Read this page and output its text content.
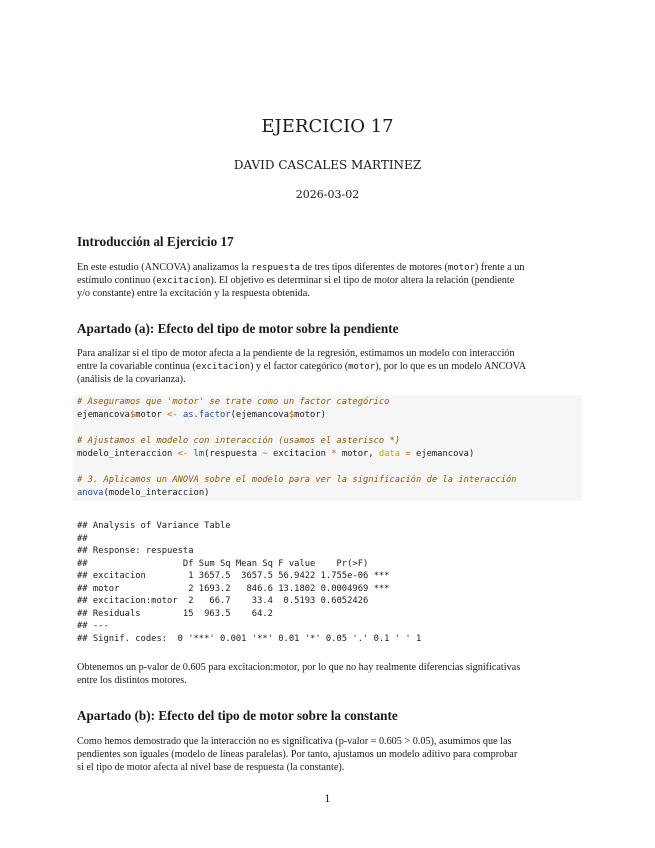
EJERCICIO 17
DAVID CASCALES MARTINEZ
2026-03-02
Introducción al Ejercicio 17

En este estudio (ANCOVA) analizamos la respuesta de tres tipos diferentes de motores (motor) frente a un

estímulo continuo (excitacion). El objetivo es determinar si el tipo de motor altera la relación (pendiente

y/o constante) entre la excitación y la respuesta obtenida.

Apartado (a): Efecto del tipo de motor sobre la pendiente

Para analizar si el tipo de motor afecta a la pendiente de la regresión, estimamos un modelo con interacción

entre la covariable continua (excitacion) y el factor categórico (motor), por lo que es un modelo ANCOVA

(análisis de la covarianza).

# Aseguramos que 'motor' se trate como un factor categórico
ejemancova$motor <- as.factor(ejemancova$motor)
# Ajustamos el modelo con interacción (usamos el asterisco *)
modelo_interaccion <- lm(respuesta ~ excitacion * motor, data = ejemancova)
# 3. Aplicamos un ANOVA sobre el modelo para ver la significación de la interacción
anova(modelo_interaccion)
## Analysis of Variance Table
##
## Response: respuesta
##                  Df Sum Sq Mean Sq F value    Pr(>F)
## excitacion        1 3657.5  3657.5 56.9422 1.755e-06 ***
## motor             2 1693.2   846.6 13.1802 0.0004969 ***
## excitacion:motor  2   66.7    33.4  0.5193 0.6052426
## Residuals        15  963.5    64.2
## ---
## Signif. codes:  0 '***' 0.001 '**' 0.01 '*' 0.05 '.' 0.1 ' ' 1

Obtenemos un p-valor de 0.605 para excitacion:motor, por lo que no hay realmente diferencias significativas

entre los distintos motores.

Apartado (b): Efecto del tipo de motor sobre la constante

Como hemos demostrado que la interacción no es significativa (p-valor = 0.605 > 0.05), asumimos que las

pendientes son iguales (modelo de líneas paralelas). Por tanto, ajustamos un modelo aditivo para comprobar

si el tipo de motor afecta al nivel base de respuesta (la constante).

1
